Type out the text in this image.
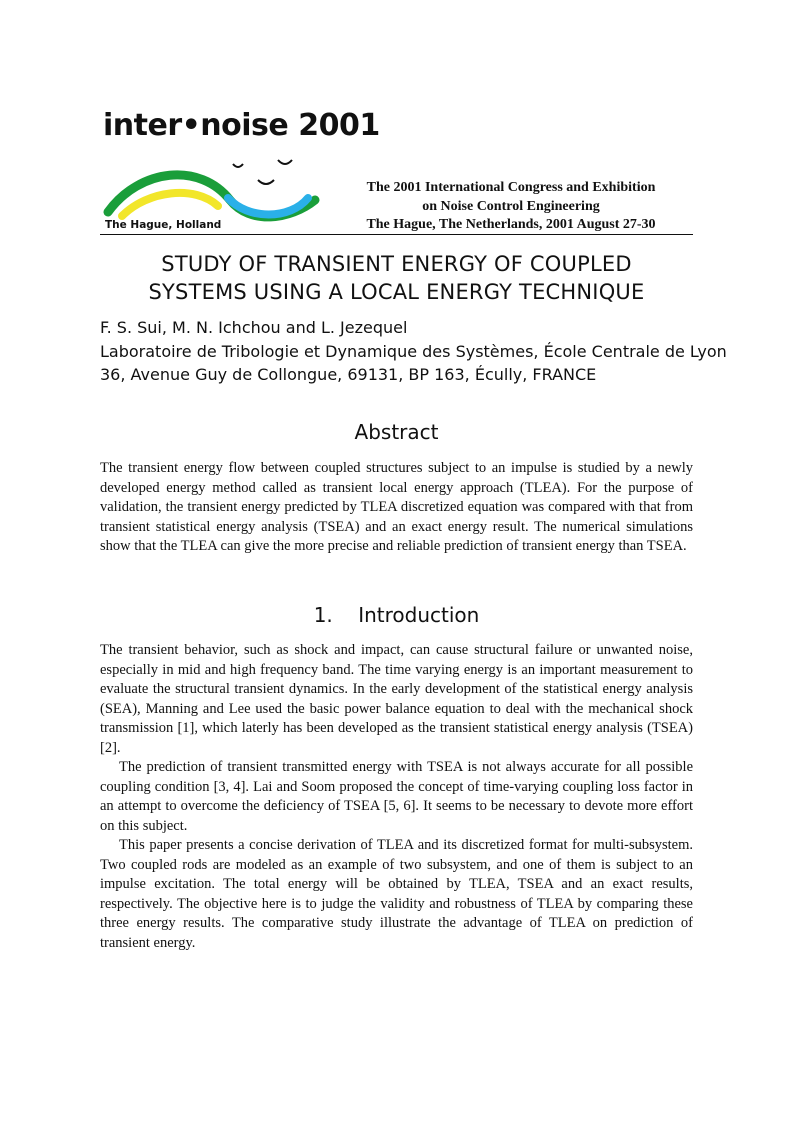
inter•noise 2001
The Hague, Holland
The 2001 International Congress and Exhibition
on Noise Control Engineering
The Hague, The Netherlands, 2001 August 27-30
STUDY OF TRANSIENT ENERGY OF COUPLED
SYSTEMS USING A LOCAL ENERGY TECHNIQUE
F. S. Sui, M. N. Ichchou and L. Jezequel
Laboratoire de Tribologie et Dynamique des Systèmes, École Centrale de Lyon
36, Avenue Guy de Collongue, 69131, BP 163, Écully, FRANCE
Abstract
The transient energy flow between coupled structures subject to an impulse is studied by a newly developed energy method called as transient local energy approach (TLEA). For the purpose of validation, the transient energy predicted by TLEA discretized equation was compared with that from transient statistical energy analysis (TSEA) and an exact energy result. The numerical simulations show that the TLEA can give the more precise and reliable prediction of transient energy than TSEA.
1.    Introduction
The transient behavior, such as shock and impact, can cause structural failure or unwanted noise, especially in mid and high frequency band. The time varying energy is an important measurement to evaluate the structural transient dynamics. In the early development of the statistical energy analysis (SEA), Manning and Lee used the basic power balance equation to deal with the mechanical shock transmission [1], which laterly has been developed as the transient statistical energy analysis (TSEA) [2].
The prediction of transient transmitted energy with TSEA is not always accurate for all possible coupling condition [3, 4]. Lai and Soom proposed the concept of time-varying coupling loss factor in an attempt to overcome the deficiency of TSEA [5, 6]. It seems to be necessary to devote more effort on this subject.
This paper presents a concise derivation of TLEA and its discretized format for multi-subsystem. Two coupled rods are modeled as an example of two subsystem, and one of them is subject to an impulse excitation. The total energy will be obtained by TLEA, TSEA and an exact results, respectively. The objective here is to judge the validity and robustness of TLEA by comparing these three energy results. The comparative study illustrate the advantage of TLEA on prediction of transient energy.
